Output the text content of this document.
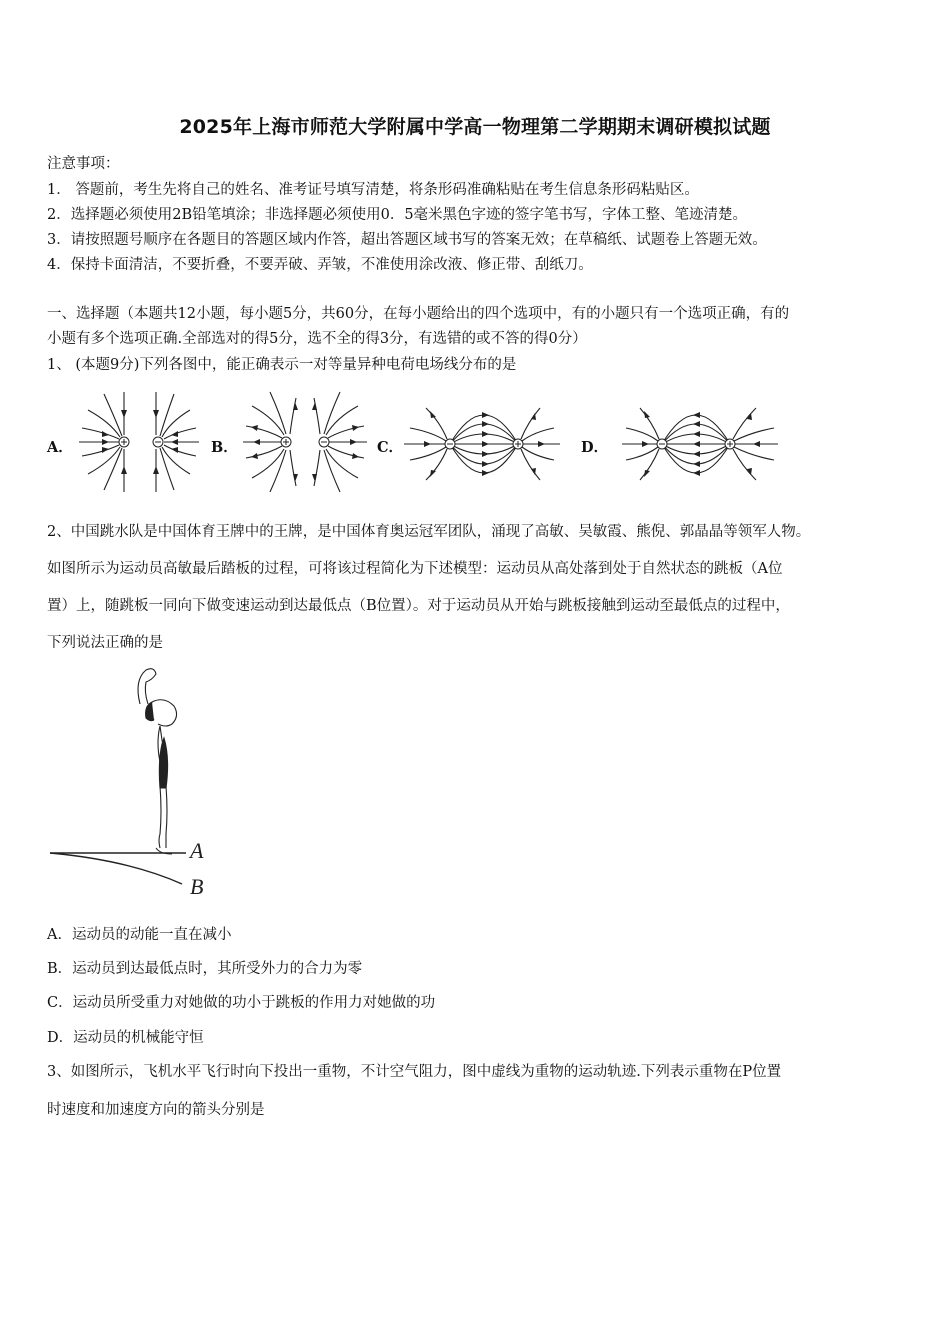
2025年上海市师范大学附属中学高一物理第二学期期末调研模拟试题
注意事项：
1． 答题前，考生先将自己的姓名、准考证号填写清楚，将条形码准确粘贴在考生信息条形码粘贴区。
2．选择题必须使用2B铅笔填涂；非选择题必须使用0．5毫米黑色字迹的签字笔书写，字体工整、笔迹清楚。
3．请按照题号顺序在各题目的答题区域内作答，超出答题区域书写的答案无效；在草稿纸、试题卷上答题无效。
4．保持卡面清洁，不要折叠，不要弄破、弄皱，不准使用涂改液、修正带、刮纸刀。
一、选择题（本题共12小题，每小题5分，共60分，在每小题给出的四个选项中，有的小题只有一个选项正确，有的
小题有多个选项正确.全部选对的得5分，选不全的得3分，有选错的或不答的得0分）
1、 (本题9分)下列各图中，能正确表示一对等量异种电荷电场线分布的是
A．	B．	C．	D．
2、中国跳水队是中国体育王牌中的王牌，是中国体育奥运冠军团队，涌现了高敏、吴敏霞、熊倪、郭晶晶等领军人物。
如图所示为运动员高敏最后踏板的过程，可将该过程简化为下述模型：运动员从高处落到处于自然状态的跳板（A位
置）上，随跳板一同向下做变速运动到达最低点（B位置）。对于运动员从开始与跳板接触到运动至最低点的过程中，
下列说法正确的是
A
B
A．运动员的动能一直在减小
B．运动员到达最低点时，其所受外力的合力为零
C．运动员所受重力对她做的功小于跳板的作用力对她做的功
D．运动员的机械能守恒
3、如图所示，飞机水平飞行时向下投出一重物，不计空气阻力，图中虚线为重物的运动轨迹.下列表示重物在P位置
时速度和加速度方向的箭头分别是
